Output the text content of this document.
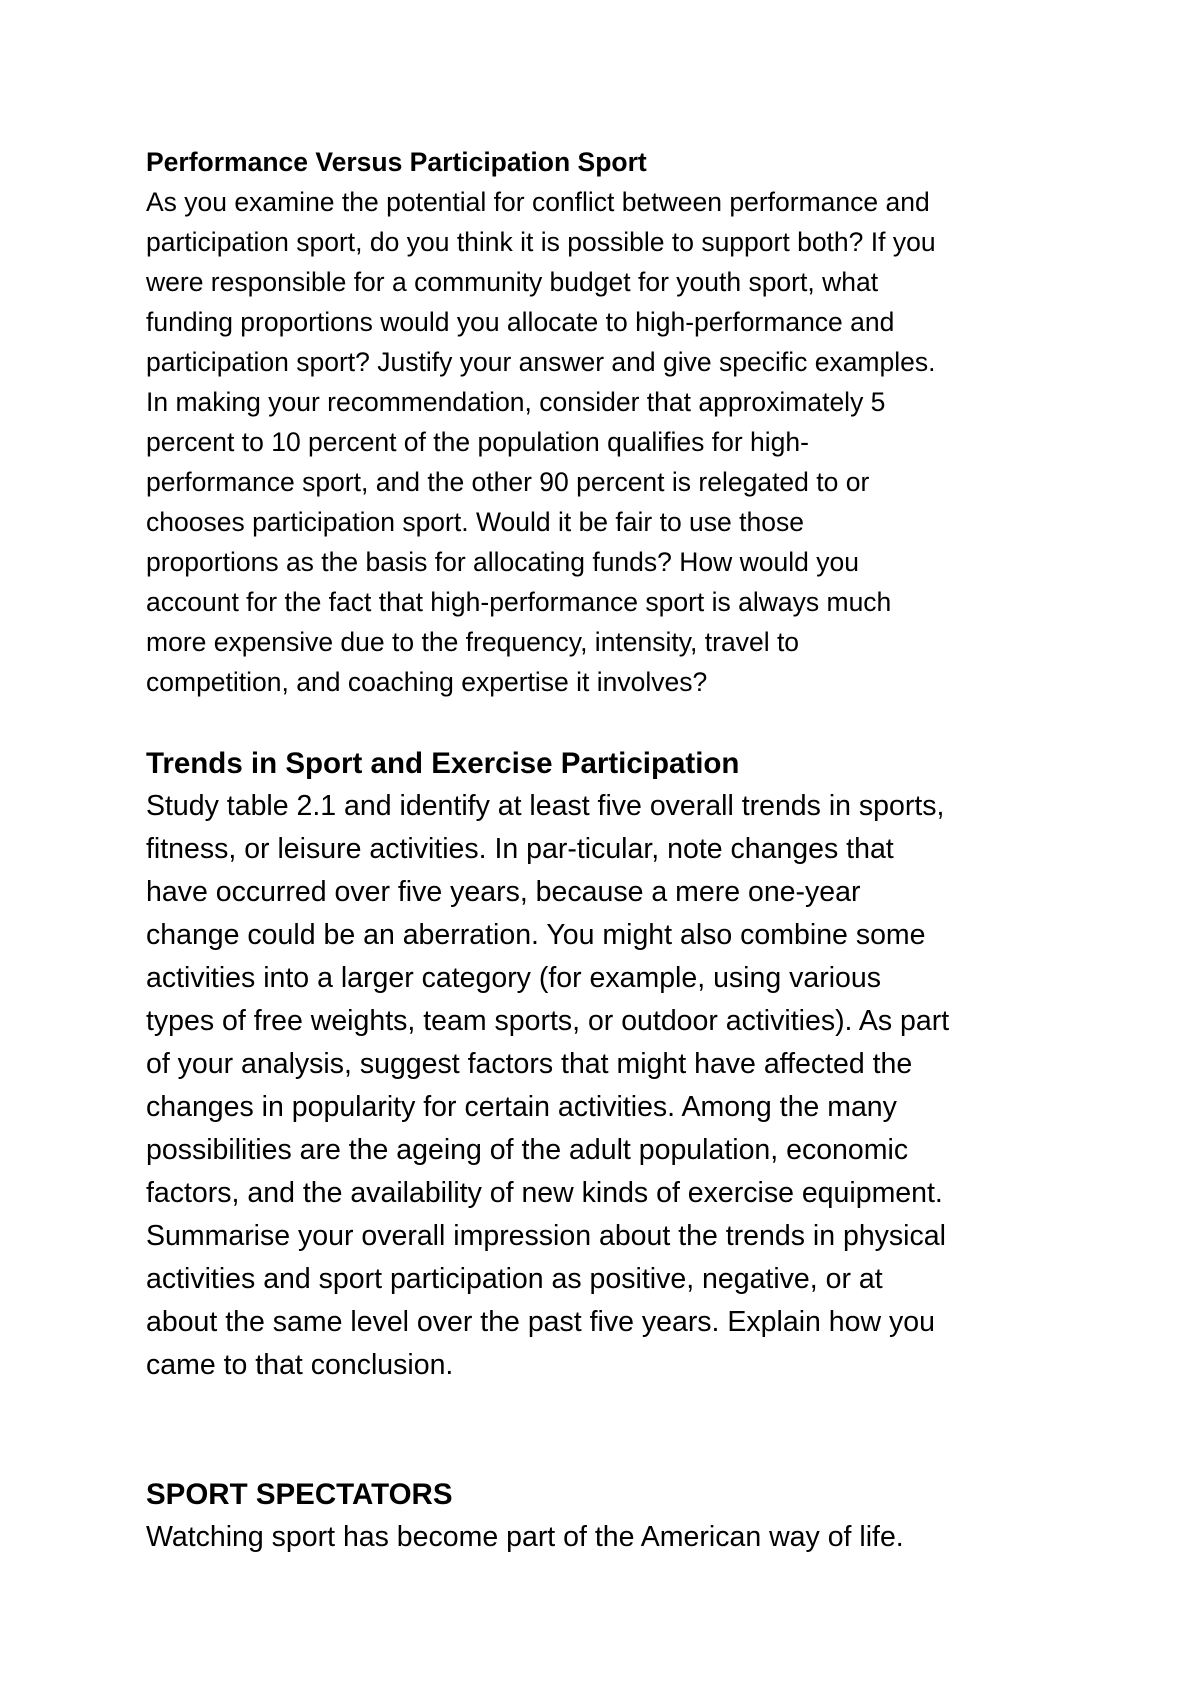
Performance Versus Participation Sport

As you examine the potential for conflict between performance and
participation sport, do you think it is possible to support both? If you
were responsible for a community budget for youth sport, what
funding proportions would you allocate to high-performance and
participation sport? Justify your answer and give specific examples.
In making your recommendation, consider that approximately 5
percent to 10 percent of the population qualifies for high-
performance sport, and the other 90 percent is relegated to or
chooses participation sport. Would it be fair to use those
proportions as the basis for allocating funds? How would you
account for the fact that high-performance sport is always much
more expensive due to the frequency, intensity, travel to
competition, and coaching expertise it involves?

Trends in Sport and Exercise Participation

Study table 2.1 and identify at least five overall trends in sports,
fitness, or leisure activities. In par-ticular, note changes that
have occurred over five years, because a mere one-year
change could be an aberration. You might also combine some
activities into a larger category (for example, using various
types of free weights, team sports, or outdoor activities). As part
of your analysis, suggest factors that might have affected the
changes in popularity for certain activities. Among the many
possibilities are the ageing of the adult population, economic
factors, and the availability of new kinds of exercise equipment.
Summarise your overall impression about the trends in physical
activities and sport participation as positive, negative, or at
about the same level over the past five years. Explain how you
came to that conclusion.

SPORT SPECTATORS

Watching sport has become part of the American way of life.
